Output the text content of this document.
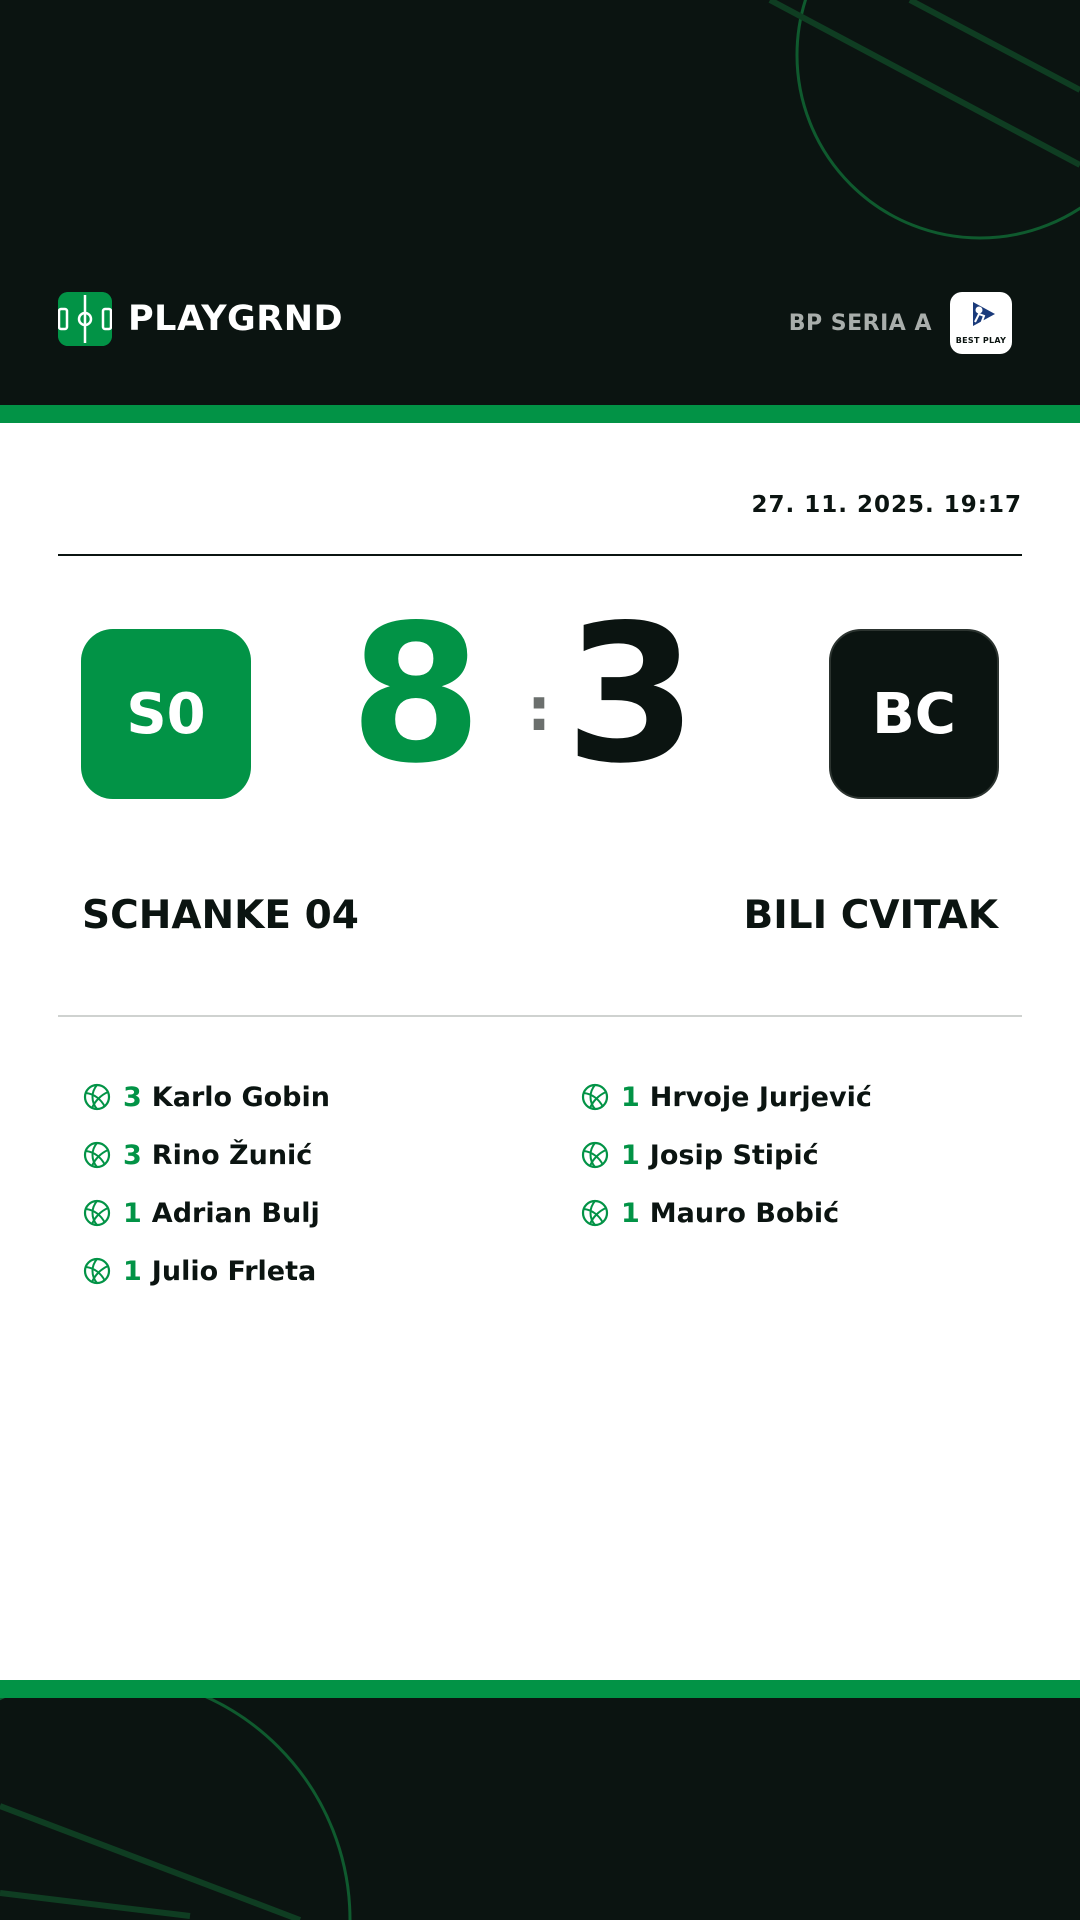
PLAYGRND	BP SERIA A
BEST PLAY
27. 11. 2025. 19:17
S0 8 : 3	BC
SCHANKE 04	BILI CVITAK
3 Karlo Gobin
3 Rino Žunić
1 Adrian Bulj
1 Julio Frleta
1 Hrvoje Jurjević
1 Josip Stipić
1 Mauro Bobić
